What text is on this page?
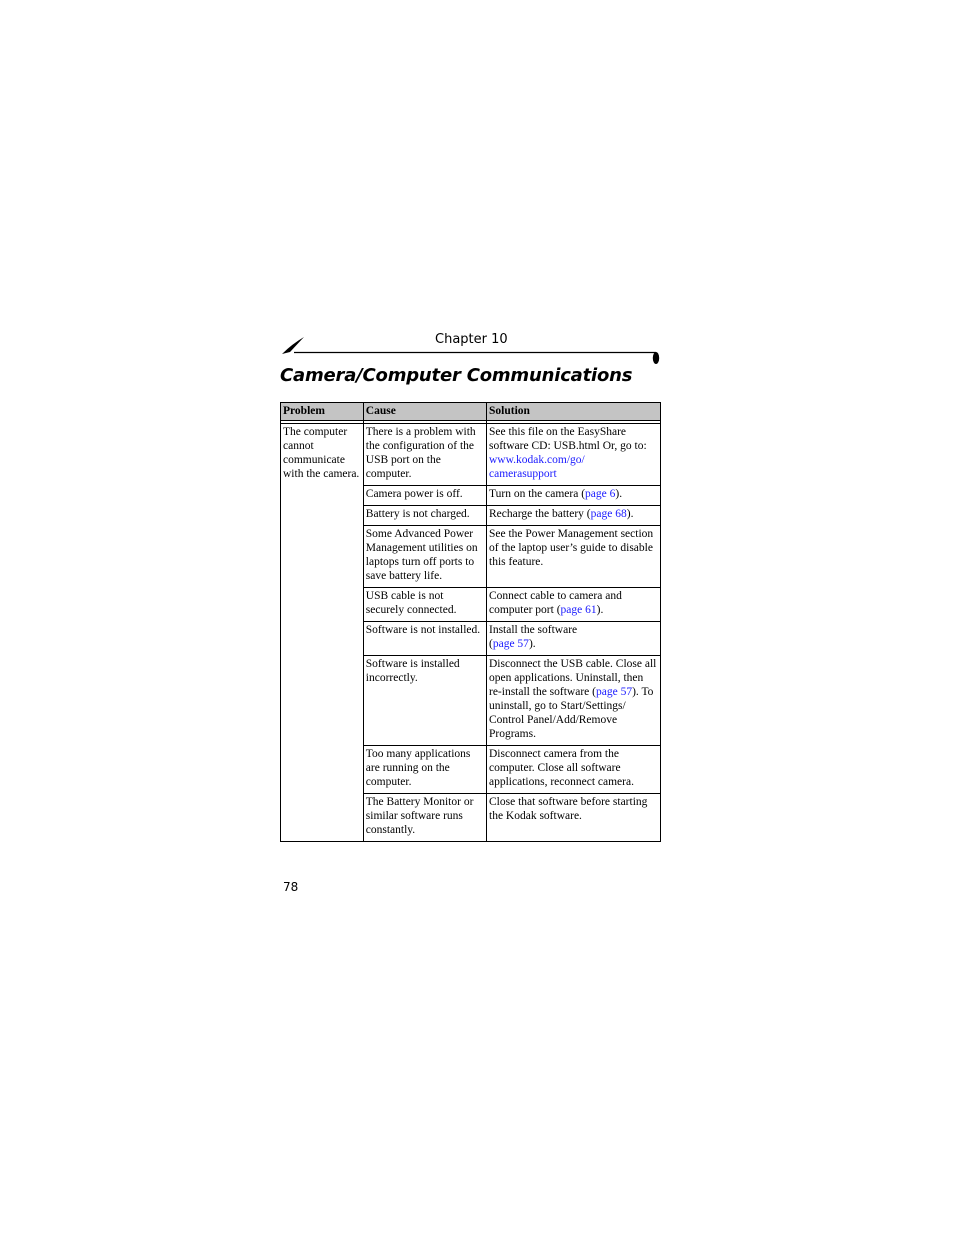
Chapter 10
Camera/Computer Communications
Problem	Cause	Solution

The computer cannot communicate with the camera.	There is a problem with the configuration of the USB port on the computer.	See this file on the EasyShare software CD: USB.html Or, go to:
www.kodak.com/go/
camerasupport
	Camera power is off.	Turn on the camera (page 6).
	Battery is not charged.	Recharge the battery (page 68).
	Some Advanced Power Management utilities on laptops turn off ports to save battery life.	See the Power Management section of the laptop user’s guide to disable this feature.
	USB cable is not securely connected.	Connect cable to camera and computer port (page 61).
	Software is not installed.	Install the software
(page 57).
	Software is installed incorrectly.	Disconnect the USB cable. Close all open applications. Uninstall, then re-install the software (page 57). To uninstall, go to Start/Settings/ Control Panel/Add/Remove Programs.
	Too many applications are running on the computer.	Disconnect camera from the computer. Close all software applications, reconnect camera.
	The Battery Monitor or similar software runs constantly.	Close that software before starting the Kodak software.
78
